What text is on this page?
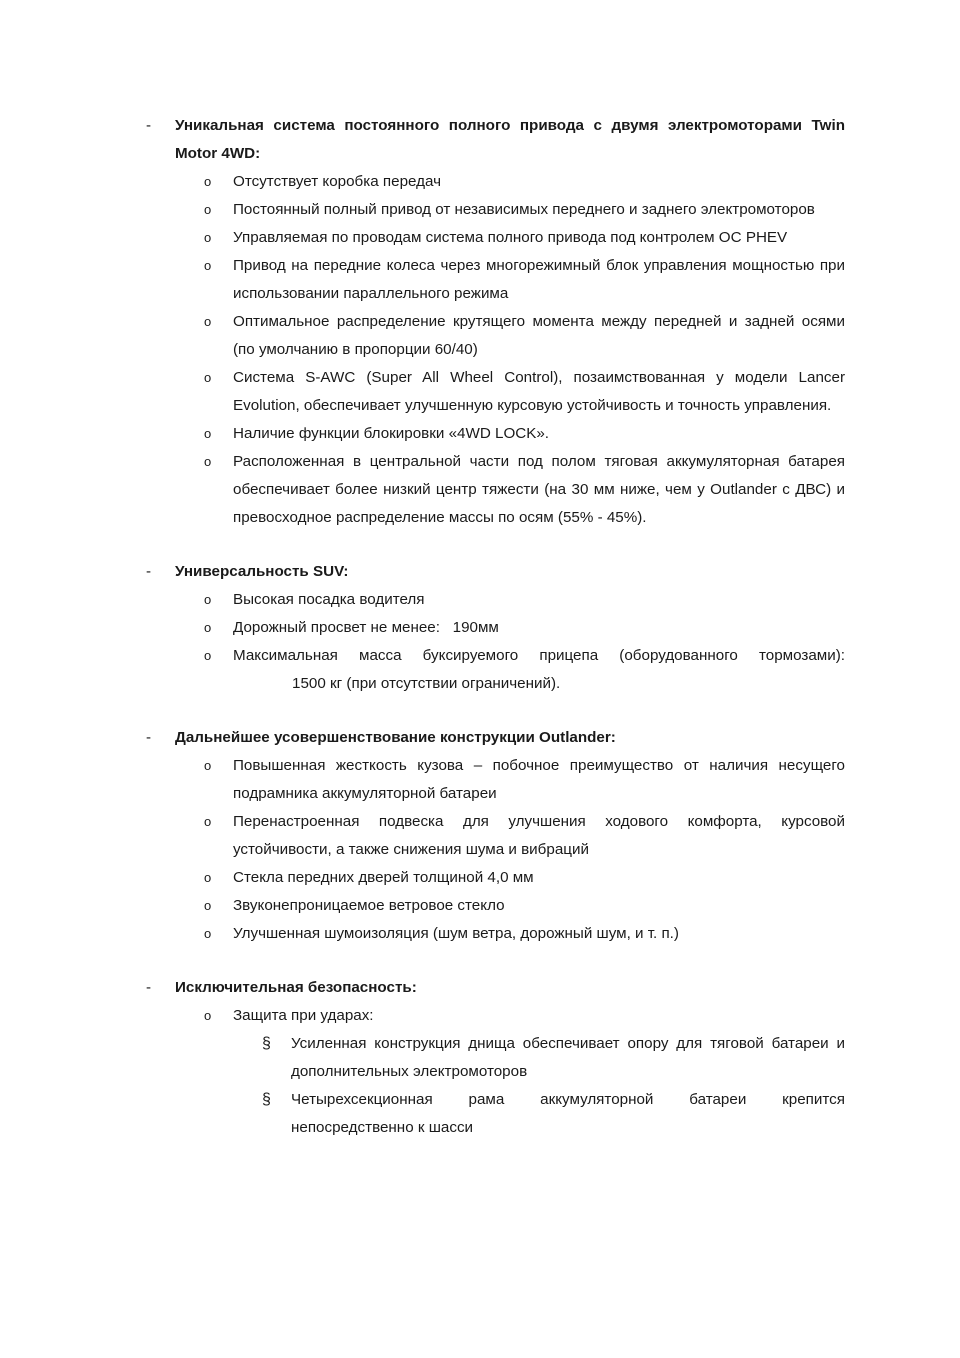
- Уникальная система постоянного полного привода с двумя электромоторами Twin Motor 4WD:
o Отсутствует коробка передач
o Постоянный полный привод от независимых переднего и заднего электромоторов
o Управляемая по проводам система полного привода под контролем ОС PHEV
o Привод на передние колеса через многорежимный блок управления мощностью при использовании параллельного режима
o Оптимальное распределение крутящего момента между передней и задней осями (по умолчанию в пропорции 60/40)
o Система S-AWC (Super All Wheel Control), позаимствованная у модели Lancer Evolution, обеспечивает улучшенную курсовую устойчивость и точность управления.
o Наличие функции блокировки «4WD LOCK».
o Расположенная в центральной части под полом тяговая аккумуляторная батарея обеспечивает более низкий центр тяжести (на 30 мм ниже, чем у Outlander с ДВС) и превосходное распределение массы по осям (55% - 45%).
- Универсальность SUV:
o Высокая посадка водителя
o Дорожный просвет не менее:   190мм
o Максимальная масса буксируемого прицепа (оборудованного тормозами):
1500 кг (при отсутствии ограничений).
- Дальнейшее усовершенствование конструкции Outlander:
o Повышенная жесткость кузова – побочное преимущество от наличия несущего подрамника аккумуляторной батареи
o Перенастроенная подвеска для улучшения ходового комфорта, курсовой устойчивости, а также снижения шума и вибраций
o Стекла передних дверей толщиной 4,0 мм
o Звуконепроницаемое ветровое стекло
o Улучшенная шумоизоляция (шум ветра, дорожный шум, и т. п.)
- Исключительная безопасность:
o Защита при ударах:
§ Усиленная конструкция днища обеспечивает опору для тяговой батареи и дополнительных электромоторов
§ Четырехсекционная рама аккумуляторной батареи крепится непосредственно к шасси
